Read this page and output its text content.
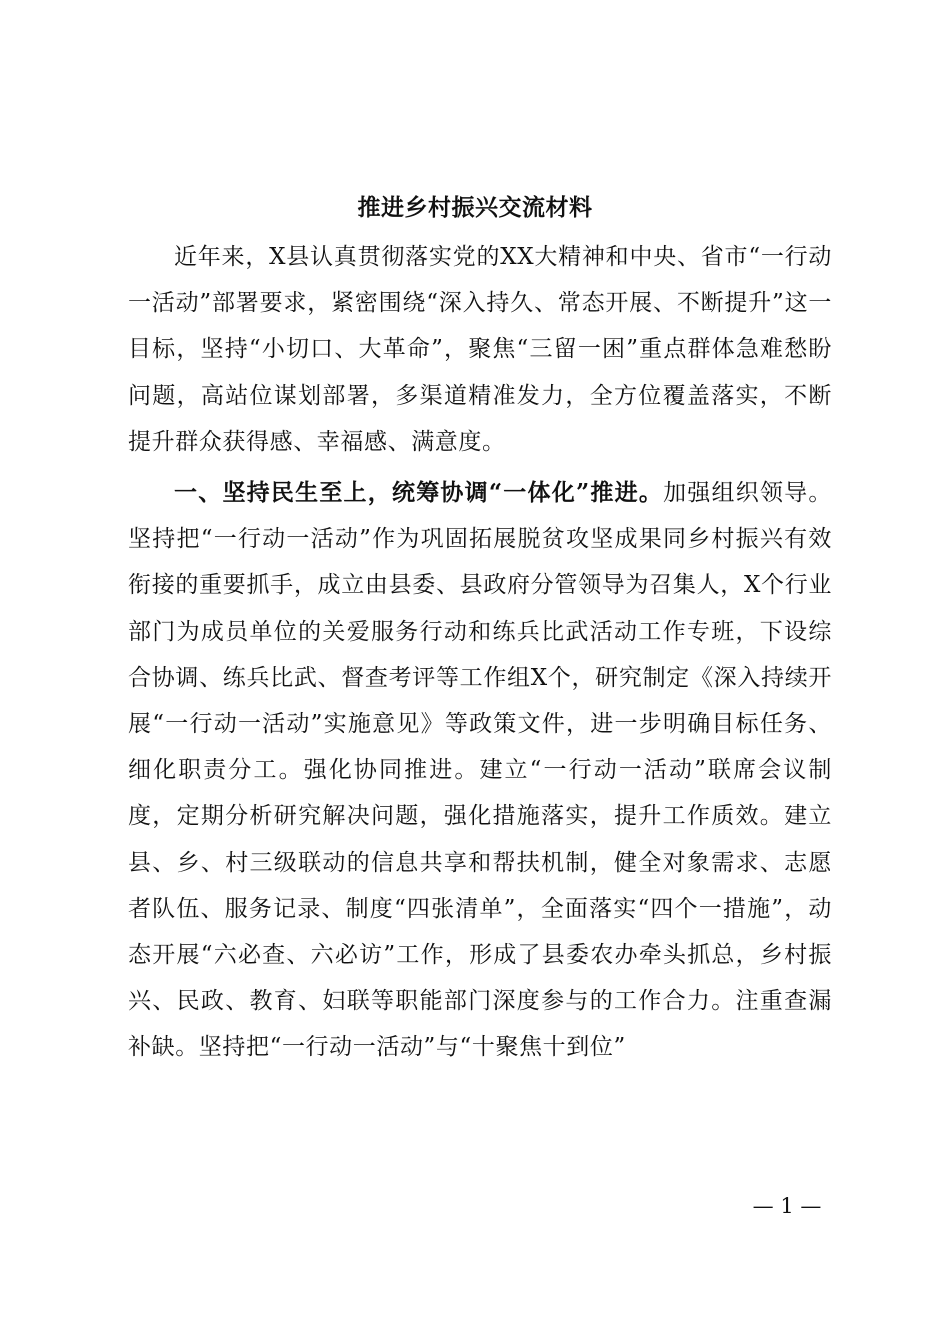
推进乡村振兴交流材料

近年来，X县认真贯彻落实党的XX大精神和中央、省市“一行动一活动”部署要求，紧密围绕“深入持久、常态开展、不断提升”这一目标，坚持“小切口、大革命”，聚焦“三留一困”重点群体急难愁盼问题，高站位谋划部署，多渠道精准发力，全方位覆盖落实，不断提升群众获得感、幸福感、满意度。

一、坚持民生至上，统筹协调“一体化”推进。加强组织领导。坚持把“一行动一活动”作为巩固拓展脱贫攻坚成果同乡村振兴有效衔接的重要抓手，成立由县委、县政府分管领导为召集人，X个行业部门为成员单位的关爱服务行动和练兵比武活动工作专班，下设综合协调、练兵比武、督查考评等工作组X个，研究制定《深入持续开展“一行动一活动”实施意见》等政策文件，进一步明确目标任务、细化职责分工。强化协同推进。建立“一行动一活动”联席会议制度，定期分析研究解决问题，强化措施落实，提升工作质效。建立县、乡、村三级联动的信息共享和帮扶机制，健全对象需求、志愿者队伍、服务记录、制度“四张清单”，全面落实“四个一措施”，动态开展“六必查、六必访”工作，形成了县委农办牵头抓总，乡村振兴、民政、教育、妇联等职能部门深度参与的工作合力。注重查漏补缺。坚持把“一行动一活动”与“十聚焦十到位”

— 1 —
